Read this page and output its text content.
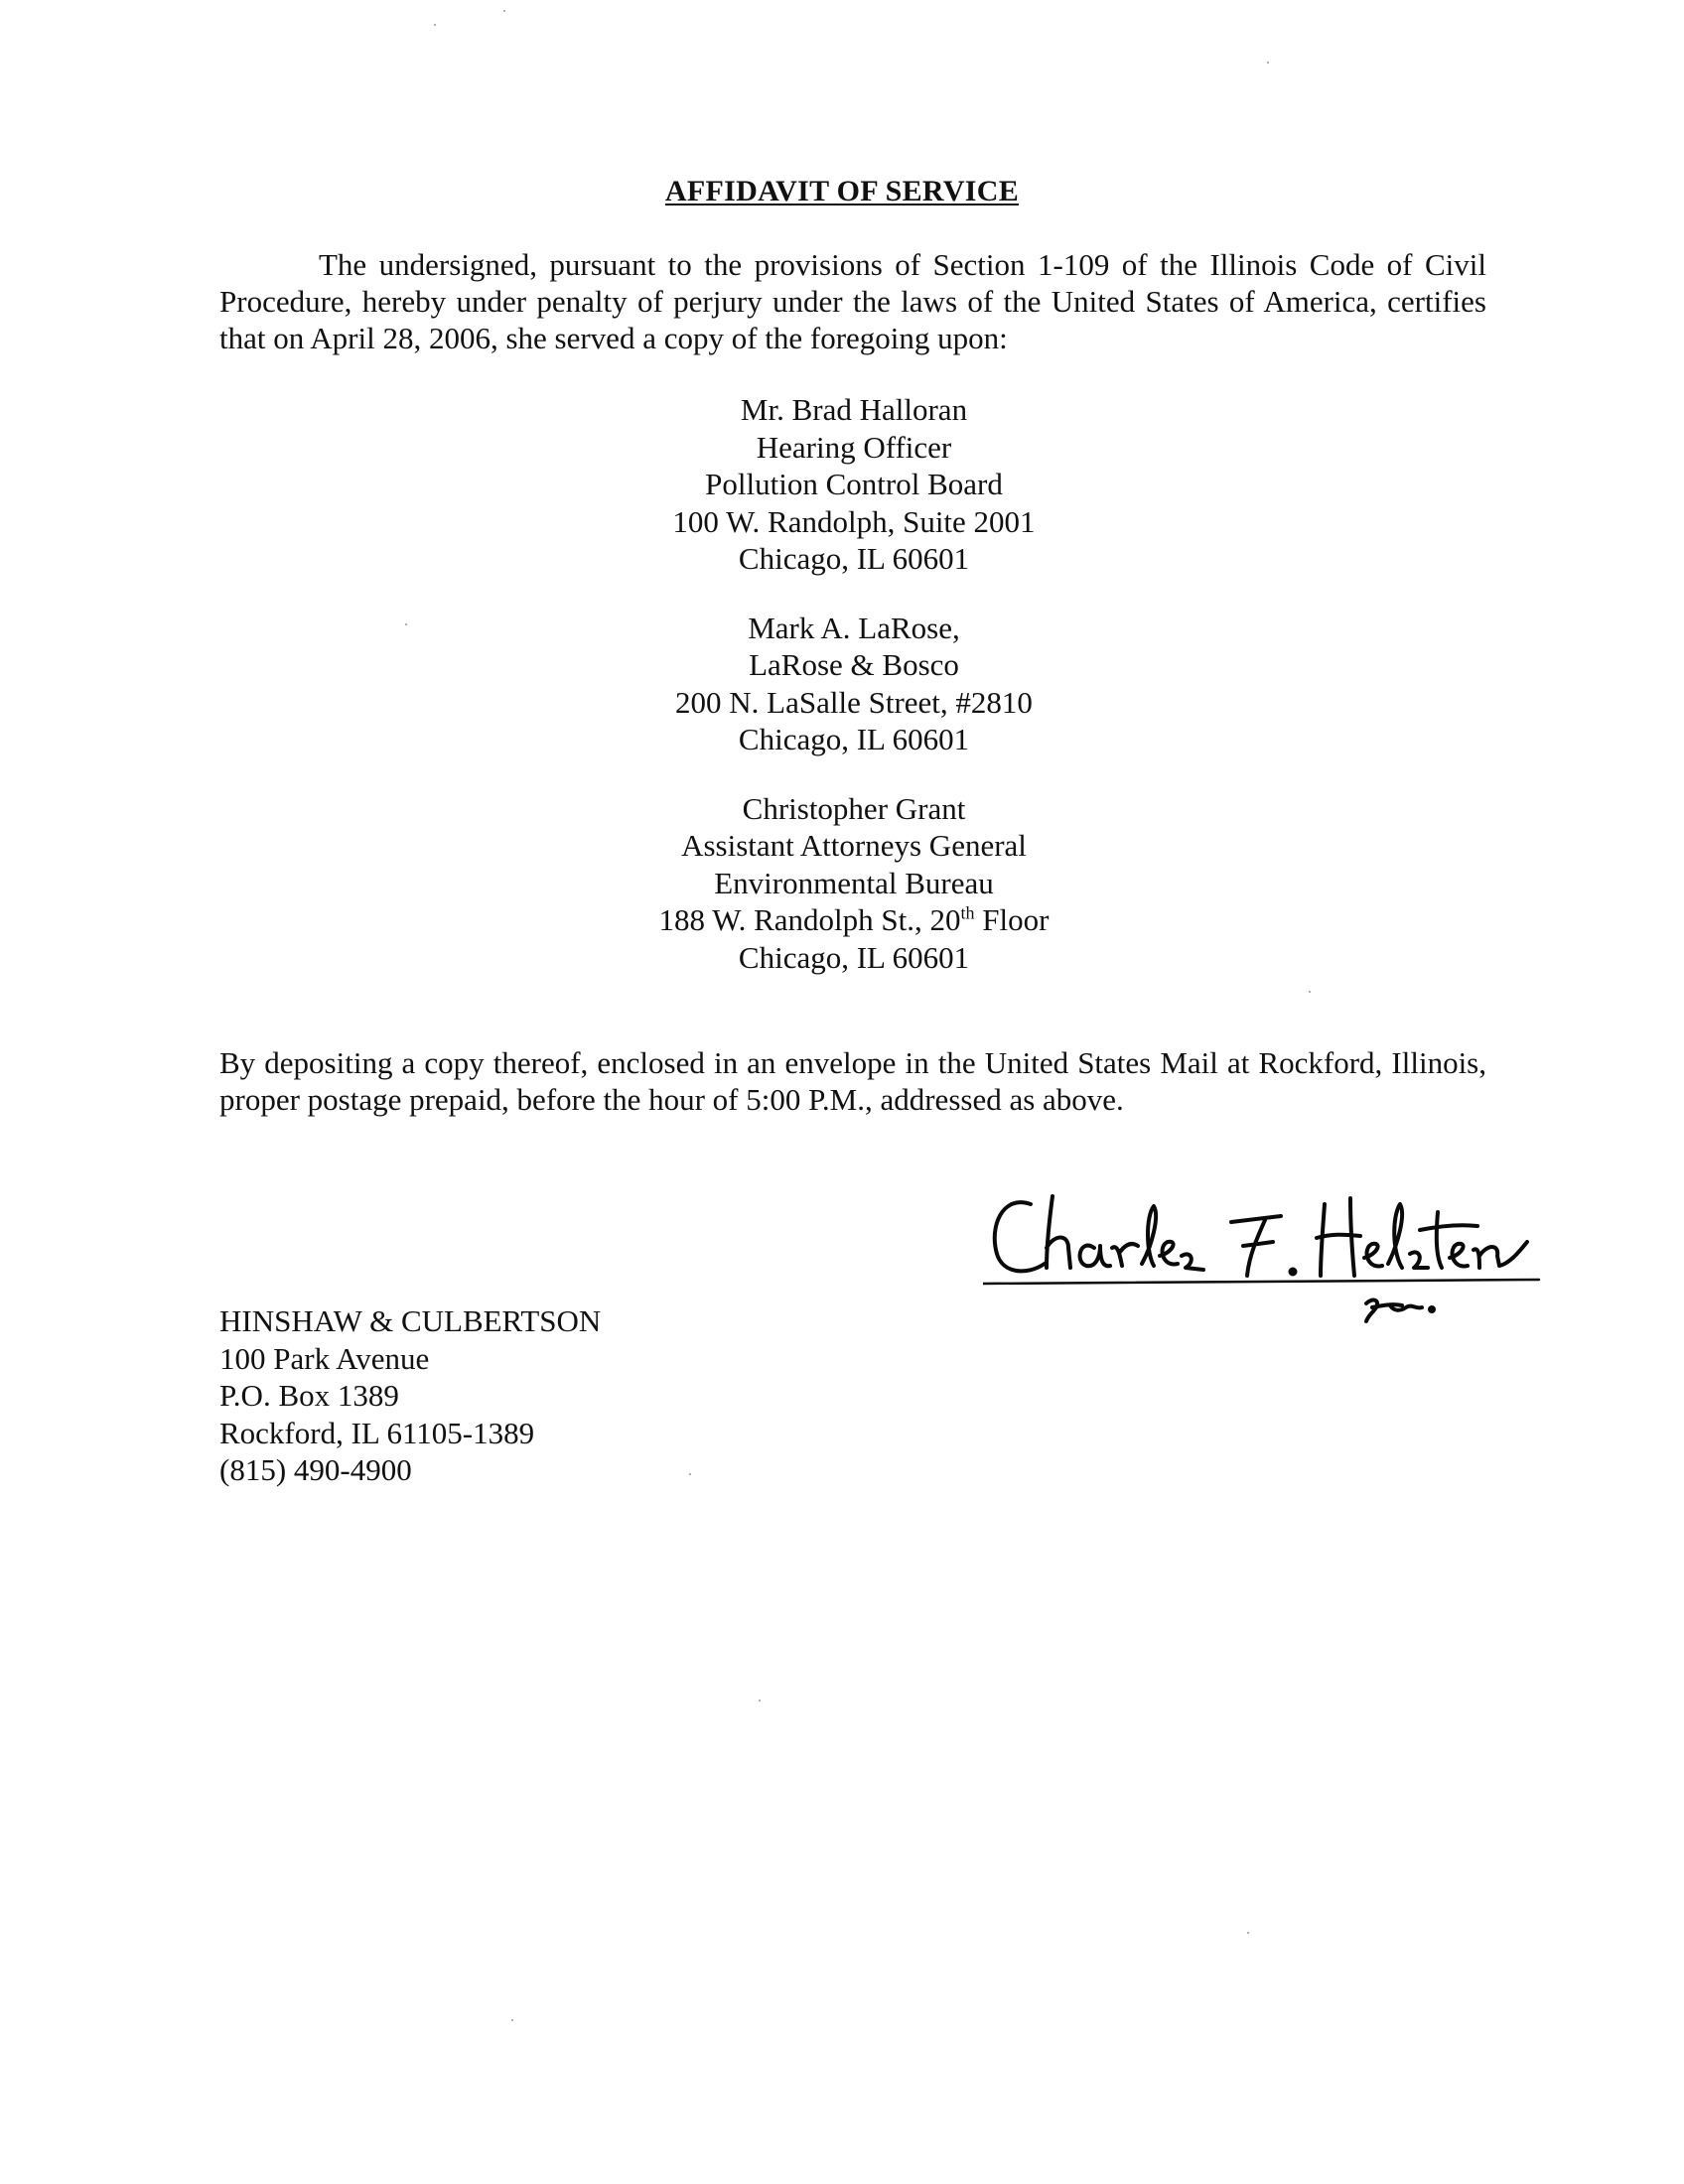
AFFIDAVIT OF SERVICE

The undersigned, pursuant to the provisions of Section 1-109 of the Illinois Code of Civil Procedure, hereby under penalty of perjury under the laws of the United States of America, certifies that on April 28, 2006, she served a copy of the foregoing upon:

Mr. Brad Halloran
Hearing Officer
Pollution Control Board
100 W. Randolph, Suite 2001
Chicago, IL 60601
Mark A. LaRose,
LaRose & Bosco
200 N. LaSalle Street, #2810
Chicago, IL 60601
Christopher Grant
Assistant Attorneys General
Environmental Bureau
188 W. Randolph St., 20th Floor
Chicago, IL 60601

By depositing a copy thereof, enclosed in an envelope in the United States Mail at Rockford, Illinois, proper postage prepaid, before the hour of 5:00 P.M., addressed as above.

HINSHAW & CULBERTSON
100 Park Avenue
P.O. Box 1389
Rockford, IL 61105-1389
(815) 490-4900
